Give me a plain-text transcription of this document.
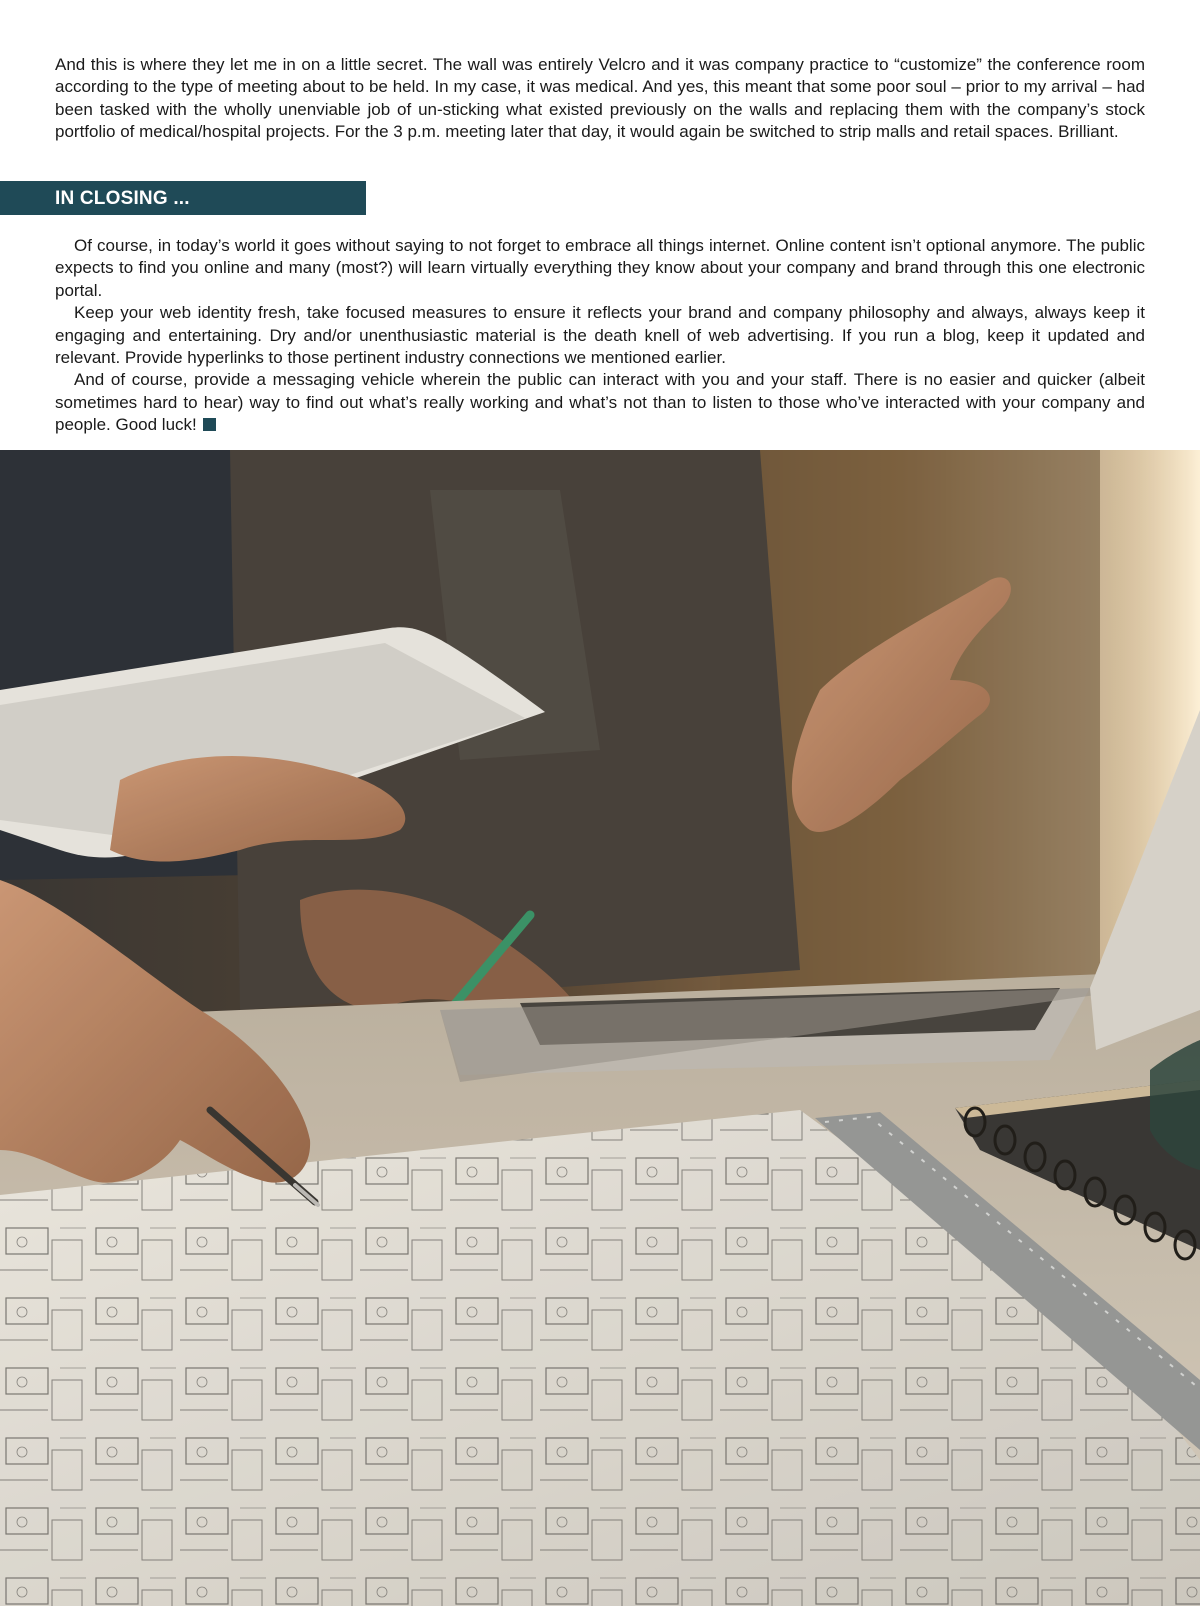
And this is where they let me in on a little secret. The wall was entirely Velcro and it was company practice to “customize” the conference room according to the type of meeting about to be held. In my case, it was medical. And yes, this meant that some poor soul – prior to my arrival – had been tasked with the wholly unenviable job of un-sticking what existed previously on the walls and replacing them with the company’s stock portfolio of medical/hospital projects. For the 3 p.m. meeting later that day, it would again be switched to strip malls and retail spaces. Brilliant.

IN CLOSING ...

Of course, in today’s world it goes without saying to not forget to embrace all things internet. Online content isn’t optional anymore. The public expects to find you online and many (most?) will learn virtually everything they know about your company and brand through this one electronic portal.

Keep your web identity fresh, take focused measures to ensure it reflects your brand and company philosophy and always, always keep it engaging and entertaining. Dry and/or unenthusiastic material is the death knell of web advertising. If you run a blog, keep it updated and relevant. Provide hyperlinks to those pertinent industry connections we mentioned earlier.

And of course, provide a messaging vehicle wherein the public can interact with you and your staff. There is no easier and quicker (albeit sometimes hard to hear) way to find out what’s really working and what’s not than to listen to those who’ve interacted with your company and people. Good luck!
